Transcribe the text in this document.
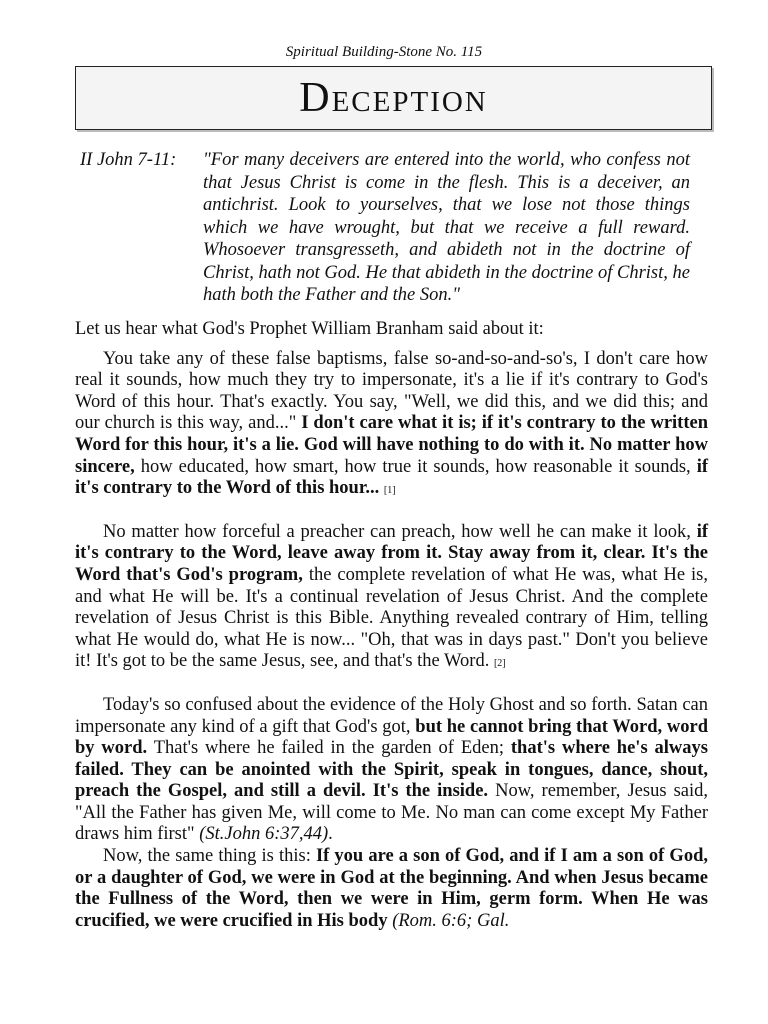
Spiritual Building-Stone No. 115
Deception
II John 7-11: "For many deceivers are entered into the world, who confess not that Jesus Christ is come in the flesh. This is a deceiver, an antichrist. Look to yourselves, that we lose not those things which we have wrought, but that we receive a full reward. Whosoever transgresseth, and abideth not in the doctrine of Christ, hath not God. He that abideth in the doctrine of Christ, he hath both the Father and the Son."

Let us hear what God's Prophet William Branham said about it:

You take any of these false baptisms, false so-and-so-and-so's, I don't care how real it sounds, how much they try to impersonate, it's a lie if it's contrary to God's Word of this hour. That's exactly. You say, "Well, we did this, and we did this; and our church is this way, and..." I don't care what it is; if it's contrary to the written Word for this hour, it's a lie. God will have nothing to do with it. No matter how sincere, how educated, how smart, how true it sounds, how reasonable it sounds, if it's contrary to the Word of this hour... [1]

No matter how forceful a preacher can preach, how well he can make it look, if it's contrary to the Word, leave away from it. Stay away from it, clear. It's the Word that's God's program, the complete revelation of what He was, what He is, and what He will be. It's a continual revelation of Jesus Christ. And the complete revelation of Jesus Christ is this Bible. Anything revealed contrary of Him, telling what He would do, what He is now... "Oh, that was in days past." Don't you believe it! It's got to be the same Jesus, see, and that's the Word. [2]

Today's so confused about the evidence of the Holy Ghost and so forth. Satan can impersonate any kind of a gift that God's got, but he cannot bring that Word, word by word. That's where he failed in the garden of Eden; that's where he's always failed. They can be anointed with the Spirit, speak in tongues, dance, shout, preach the Gospel, and still a devil. It's the inside. Now, remember, Jesus said, "All the Father has given Me, will come to Me. No man can come except My Father draws him first" (St.John 6:37,44).

Now, the same thing is this: If you are a son of God, and if I am a son of God, or a daughter of God, we were in God at the beginning. And when Jesus became the Fullness of the Word, then we were in Him, germ form. When He was crucified, we were crucified in His body (Rom. 6:6; Gal.
